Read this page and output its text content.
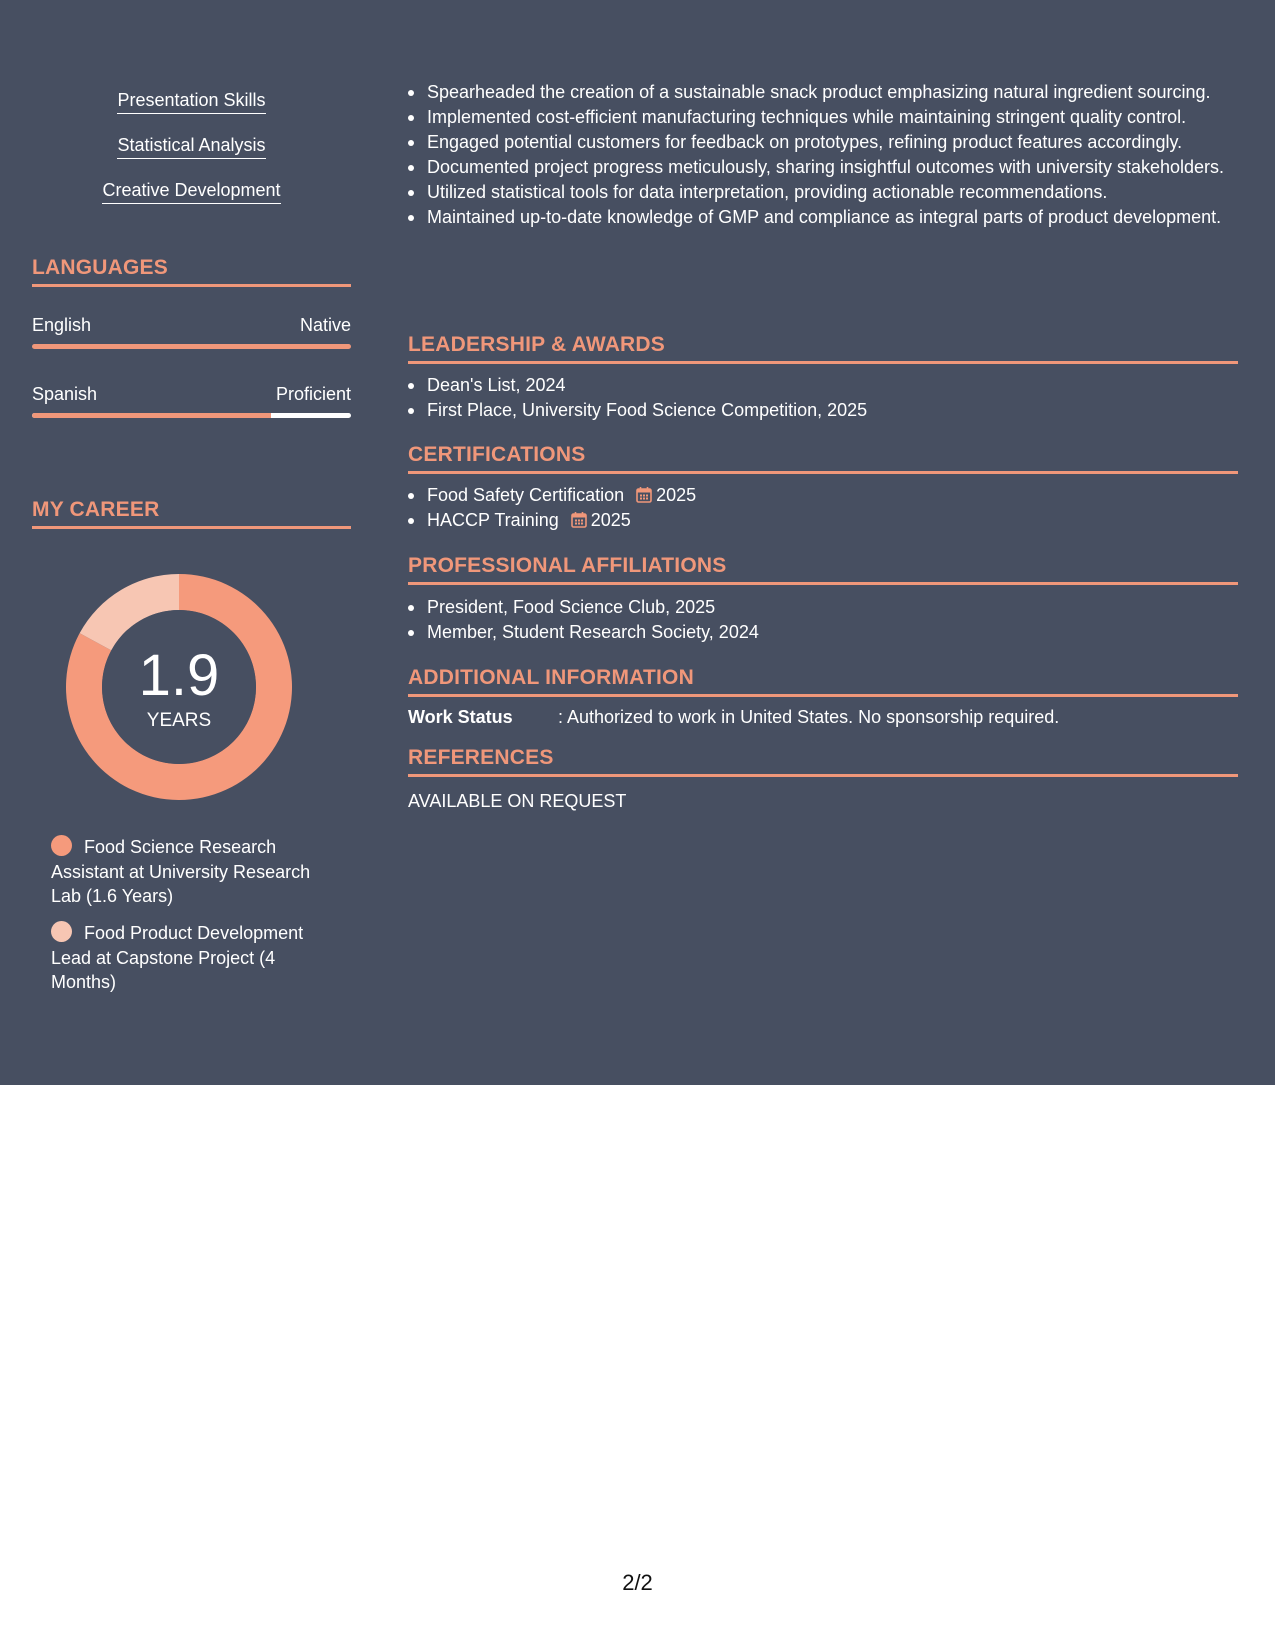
Presentation Skills
Statistical Analysis
Creative Development
LANGUAGES
English	Native
Spanish	Proficient
MY CAREER
1.9
YEARS
Food Science Research Assistant at University Research Lab (1.6 Years)
Food Product Development Lead at Capstone Project (4 Months)
Spearheaded the creation of a sustainable snack product emphasizing natural ingredient sourcing.
Implemented cost-efficient manufacturing techniques while maintaining stringent quality control.
Engaged potential customers for feedback on prototypes, refining product features accordingly.
Documented project progress meticulously, sharing insightful outcomes with university stakeholders.
Utilized statistical tools for data interpretation, providing actionable recommendations.
Maintained up-to-date knowledge of GMP and compliance as integral parts of product development.
LEADERSHIP & AWARDS
Dean's List, 2024
First Place, University Food Science Competition, 2025
CERTIFICATIONS
Food Safety Certification 2025
HACCP Training 2025
PROFESSIONAL AFFILIATIONS
President, Food Science Club, 2025
Member, Student Research Society, 2024
ADDITIONAL INFORMATION
Work Status	: Authorized to work in United States. No sponsorship required.
REFERENCES
AVAILABLE ON REQUEST
2/2
